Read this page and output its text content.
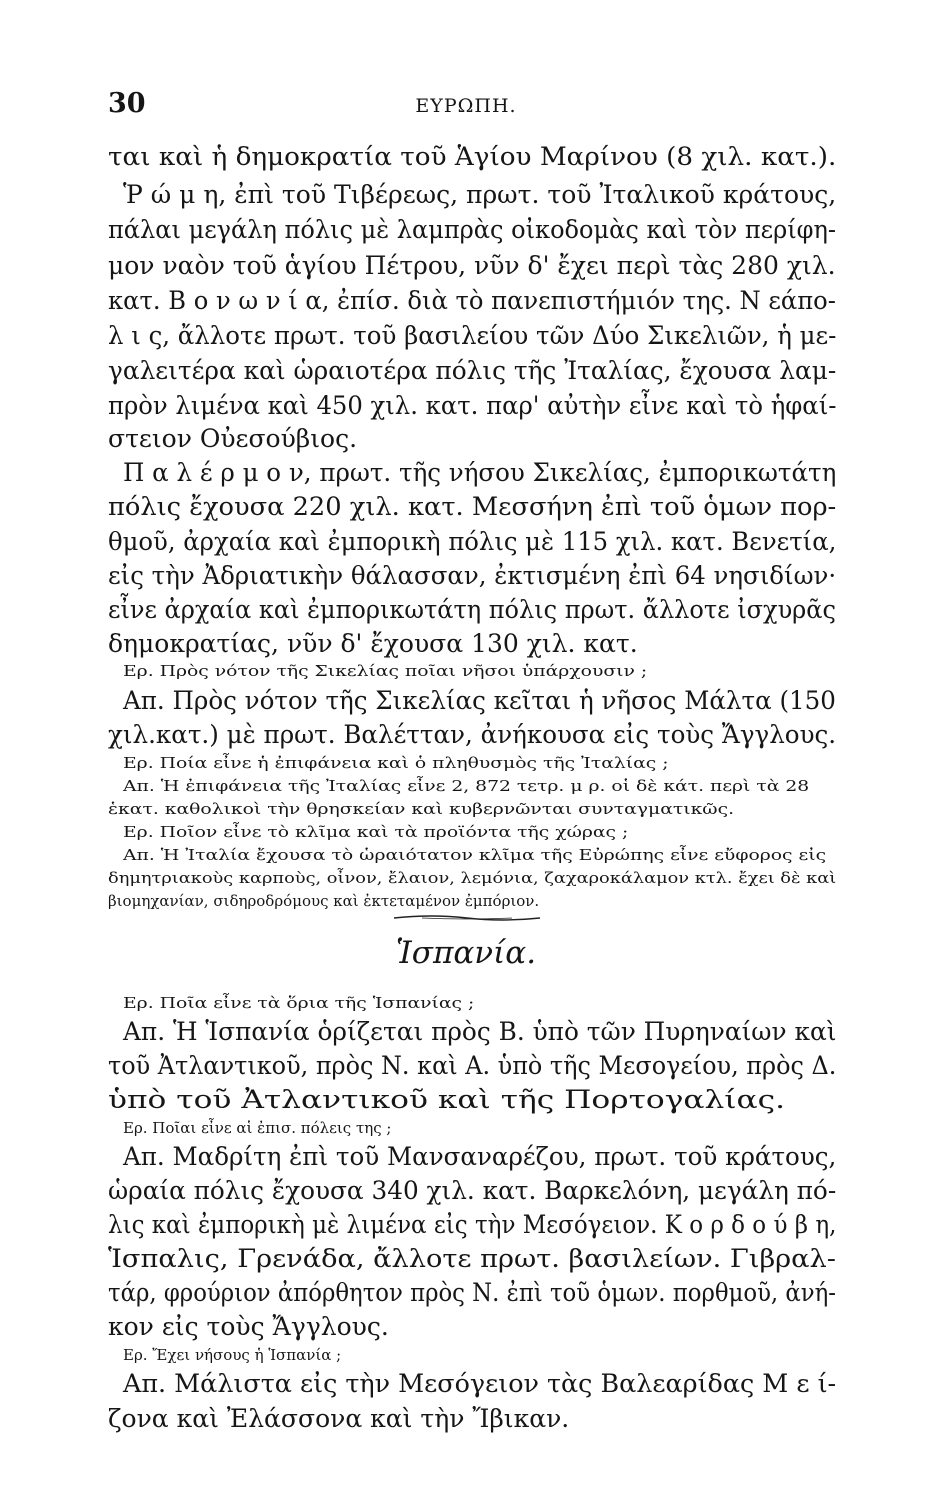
30	ΕΥΡΩΠΗ.
ται καὶ ἡ δημοκρατία τοῦ Ἁγίου Μαρίνου (8 χιλ. κατ.).
Ῥ ώ μ η, ἐπὶ τοῦ Τιβέρεως, πρωτ. τοῦ Ἰταλικοῦ κράτους,
πάλαι μεγάλη πόλις μὲ λαμπρὰς οἰκοδομὰς καὶ τὸν περίφη-
μον ναὸν τοῦ ἁγίου Πέτρου, νῦν δ' ἔχει περὶ τὰς 280 χιλ.
κατ. Β ο ν ω ν ί α, ἐπίσ. διὰ τὸ πανεπιστήμιόν της. Ν εάπο-
λ ι ς, ἄλλοτε πρωτ. τοῦ βασιλείου τῶν Δύο Σικελιῶν, ἡ με-
γαλειτέρα καὶ ὡραιοτέρα πόλις τῆς Ἰταλίας, ἔχουσα λαμ-
πρὸν λιμένα καὶ 450 χιλ. κατ. παρ' αὐτὴν εἶνε καὶ τὸ ἡφαί-
στειον Οὐεσούβιος.
Π α λ έ ρ μ ο ν, πρωτ. τῆς νήσου Σικελίας, ἐμπορικωτάτη
πόλις ἔχουσα 220 χιλ. κατ. Μεσσήνη ἐπὶ τοῦ ὁμων πορ-
θμοῦ, ἀρχαία καὶ ἐμπορικὴ πόλις μὲ 115 χιλ. κατ. Βενετία,
εἰς τὴν Ἀδριατικὴν θάλασσαν, ἐκτισμένη ἐπὶ 64 νησιδίων·
εἶνε ἀρχαία καὶ ἐμπορικωτάτη πόλις πρωτ. ἄλλοτε ἰσχυρᾶς
δημοκρατίας, νῦν δ' ἔχουσα 130 χιλ. κατ.
Ερ. Πρὸς νότον τῆς Σικελίας ποῖαι νῆσοι ὑπάρχουσιν ;
Απ. Πρὸς νότον τῆς Σικελίας κεῖται ἡ νῆσος Μάλτα (150
χιλ.κατ.) μὲ πρωτ. Βαλέτταν, ἀνήκουσα εἰς τοὺς Ἄγγλους.
Ερ. Ποία εἶνε ἡ ἐπιφάνεια καὶ ὁ πληθυσμὸς τῆς Ἰταλίας ;
Απ. Ἡ ἐπιφάνεια τῆς Ἰταλίας εἶνε 2, 872 τετρ. μ ρ. οἱ δὲ κάτ. περὶ τὰ 28
ἑκατ. καθολικοὶ τὴν θρησκείαν καὶ κυβερνῶνται συνταγματικῶς.
Ερ. Ποῖον εἶνε τὸ κλῖμα καὶ τὰ προϊόντα τῆς χώρας ;
Απ. Ἡ Ἰταλία ἔχουσα τὸ ὡραιότατον κλῖμα τῆς Εὐρώπης εἶνε εὔφορος εἰς
δημητριακοὺς καρποὺς, οἶνον, ἔλαιον, λεμόνια, ζαχαροκάλαμον κτλ. ἔχει δὲ καὶ
βιομηχανίαν, σιδηροδρόμους καὶ ἐκτεταμένον ἐμπόριον.
Ἱσπανία.
Ερ. Ποῖα εἶνε τὰ ὅρια τῆς Ἱσπανίας ;
Απ. Ἡ Ἱσπανία ὁρίζεται πρὸς Β. ὑπὸ τῶν Πυρηναίων καὶ
τοῦ Ἀτλαντικοῦ, πρὸς Ν. καὶ Α. ὑπὸ τῆς Μεσογείου, πρὸς Δ.
ὑπὸ τοῦ Ἀτλαντικοῦ καὶ τῆς Πορτογαλίας.
Ερ. Ποῖαι εἶνε αἱ ἐπισ. πόλεις της ;
Απ. Μαδρίτη ἐπὶ τοῦ Μανσαναρέζου, πρωτ. τοῦ κράτους,
ὡραία πόλις ἔχουσα 340 χιλ. κατ. Βαρκελόνη, μεγάλη πό-
λις καὶ ἐμπορικὴ μὲ λιμένα εἰς τὴν Μεσόγειον. Κ ο ρ δ ο ύ β η,
Ἱσπαλις, Γρενάδα, ἄλλοτε πρωτ. βασιλείων. Γιβραλ-
τάρ, φρούριον ἀπόρθητον πρὸς Ν. ἐπὶ τοῦ ὁμων. πορθμοῦ, ἀνή-
κον εἰς τοὺς Ἄγγλους.
Ερ. Ἔχει νήσους ἡ Ἱσπανία ;
Απ. Μάλιστα εἰς τὴν Μεσόγειον τὰς Βαλεαρίδας Μ ε ί-
ζονα καὶ Ἐλάσσονα καὶ τὴν Ἴβικαν.
